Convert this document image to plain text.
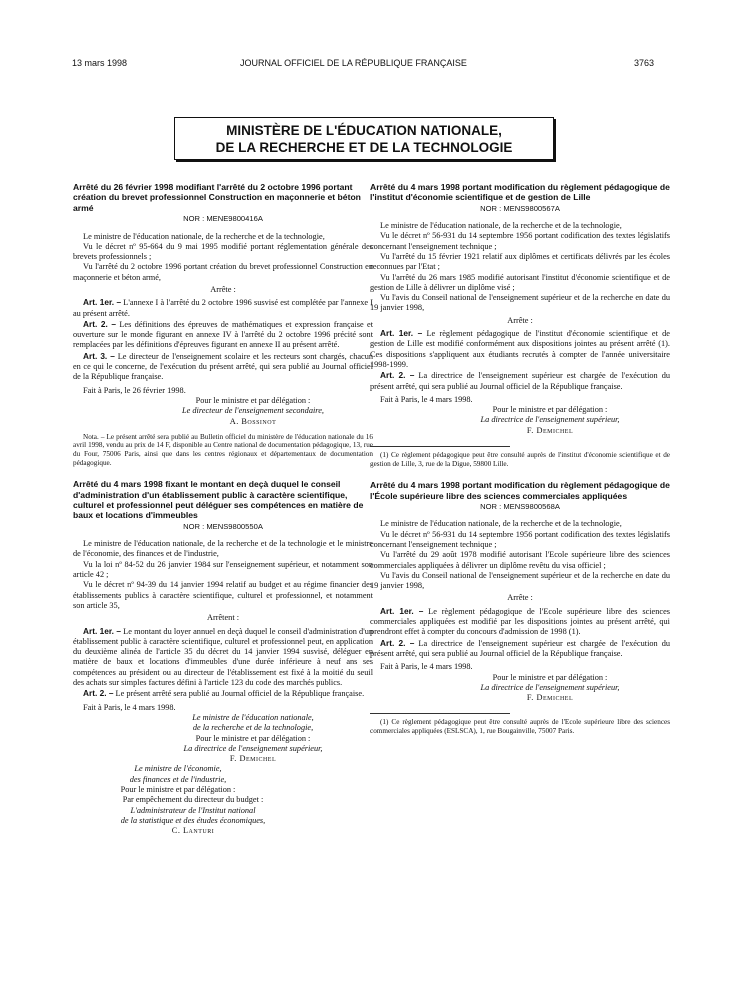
13 mars 1998	JOURNAL OFFICIEL DE LA RÉPUBLIQUE FRANÇAISE	3763
MINISTÈRE DE L'ÉDUCATION NATIONALE,
DE LA RECHERCHE ET DE LA TECHNOLOGIE

Arrêté du 26 février 1998 modifiant l'arrêté du 2 octobre 1996 portant création du brevet professionnel Construction en maçonnerie et béton armé

NOR : MENE9800416A

Le ministre de l'éducation nationale, de la recherche et de la technologie,

Vu le décret nº 95-664 du 9 mai 1995 modifié portant réglementation générale des brevets professionnels ;

Vu l'arrêté du 2 octobre 1996 portant création du brevet professionnel Construction en maçonnerie et béton armé,

Arrête :

Art. 1er. – L'annexe I à l'arrêté du 2 octobre 1996 susvisé est complétée par l'annexe I au présent arrêté.

Art. 2. – Les définitions des épreuves de mathématiques et expression française et ouverture sur le monde figurant en annexe IV à l'arrêté du 2 octobre 1996 précité sont remplacées par les définitions d'épreuves figurant en annexe II au présent arrêté.

Art. 3. – Le directeur de l'enseignement scolaire et les recteurs sont chargés, chacun en ce qui le concerne, de l'exécution du présent arrêté, qui sera publié au Journal officiel de la République française.

Fait à Paris, le 26 février 1998.

Pour le ministre et par délégation :

Le directeur de l'enseignement secondaire,

A. Bossinot

Nota. – Le présent arrêté sera publié au Bulletin officiel du ministère de l'éducation nationale du 16 avril 1998, vendu au prix de 14 F, disponible au Centre national de documentation pédagogique, 13, rue du Four, 75006 Paris, ainsi que dans les centres régionaux et départementaux de documentation pédagogique.

Arrêté du 4 mars 1998 fixant le montant en deçà duquel le conseil d'administration d'un établissement public à caractère scientifique, culturel et professionnel peut déléguer ses compétences en matière de baux et locations d'immeubles

NOR : MENS9800550A

Le ministre de l'éducation nationale, de la recherche et de la technologie et le ministre de l'économie, des finances et de l'industrie,

Vu la loi nº 84-52 du 26 janvier 1984 sur l'enseignement supérieur, et notamment son article 42 ;

Vu le décret nº 94-39 du 14 janvier 1994 relatif au budget et au régime financier des établissements publics à caractère scientifique, culturel et professionnel, et notamment son article 35,

Arrêtent :

Art. 1er. – Le montant du loyer annuel en deçà duquel le conseil d'administration d'un établissement public à caractère scientifique, culturel et professionnel peut, en application du deuxième alinéa de l'article 35 du décret du 14 janvier 1994 susvisé, déléguer en matière de baux et locations d'immeubles d'une durée inférieure à neuf ans ses compétences au président ou au directeur de l'établissement est fixé à la moitié du seuil des achats sur simples factures défini à l'article 123 du code des marchés publics.

Art. 2. – Le présent arrêté sera publié au Journal officiel de la République française.

Fait à Paris, le 4 mars 1998.

Le ministre de l'éducation nationale,

de la recherche et de la technologie,

Pour le ministre et par délégation :

La directrice de l'enseignement supérieur,

F. Demichel

Le ministre de l'économie,

des finances et de l'industrie,

Pour le ministre et par délégation :

Par empêchement du directeur du budget :

L'administrateur de l'Institut national

de la statistique et des études économiques,

C. Lanturi

Arrêté du 4 mars 1998 portant modification du règlement pédagogique de l'institut d'économie scientifique et de gestion de Lille

NOR : MENS9800567A

Le ministre de l'éducation nationale, de la recherche et de la technologie,

Vu le décret nº 56-931 du 14 septembre 1956 portant codification des textes législatifs concernant l'enseignement technique ;

Vu l'arrêté du 15 février 1921 relatif aux diplômes et certificats délivrés par les écoles reconnues par l'Etat ;

Vu l'arrêté du 26 mars 1985 modifié autorisant l'institut d'économie scientifique et de gestion de Lille à délivrer un diplôme visé ;

Vu l'avis du Conseil national de l'enseignement supérieur et de la recherche en date du 19 janvier 1998,

Arrête :

Art. 1er. – Le règlement pédagogique de l'institut d'économie scientifique et de gestion de Lille est modifié conformément aux dispositions jointes au présent arrêté (1). Ces dispositions s'appliquent aux étudiants recrutés à compter de l'année universitaire 1998-1999.

Art. 2. – La directrice de l'enseignement supérieur est chargée de l'exécution du présent arrêté, qui sera publié au Journal officiel de la République française.

Fait à Paris, le 4 mars 1998.

Pour le ministre et par délégation :

La directrice de l'enseignement supérieur,

F. Demichel

(1) Ce règlement pédagogique peut être consulté auprès de l'institut d'économie scientifique et de gestion de Lille, 3, rue de la Digue, 59800 Lille.

Arrêté du 4 mars 1998 portant modification du règlement pédagogique de l'École supérieure libre des sciences commerciales appliquées

NOR : MENS9800568A

Le ministre de l'éducation nationale, de la recherche et de la technologie,

Vu le décret nº 56-931 du 14 septembre 1956 portant codification des textes législatifs concernant l'enseignement technique ;

Vu l'arrêté du 29 août 1978 modifié autorisant l'Ecole supérieure libre des sciences commerciales appliquées à délivrer un diplôme revêtu du visa officiel ;

Vu l'avis du Conseil national de l'enseignement supérieur et de la recherche en date du 19 janvier 1998,

Arrête :

Art. 1er. – Le règlement pédagogique de l'Ecole supérieure libre des sciences commerciales appliquées est modifié par les dispositions jointes au présent arrêté, qui prendront effet à compter du concours d'admission de 1998 (1).

Art. 2. – La directrice de l'enseignement supérieur est chargée de l'exécution du présent arrêté, qui sera publié au Journal officiel de la République française.

Fait à Paris, le 4 mars 1998.

Pour le ministre et par délégation :

La directrice de l'enseignement supérieur,

F. Demichel

(1) Ce règlement pédagogique peut être consulté auprès de l'Ecole supérieure libre des sciences commerciales appliquées (ESLSCA), 1, rue Bougainville, 75007 Paris.
